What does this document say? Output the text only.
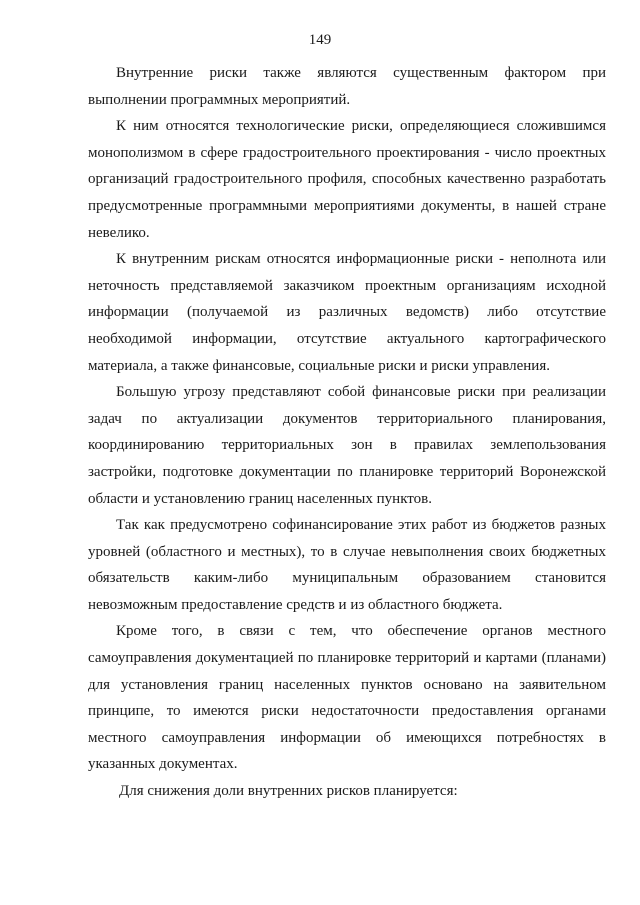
149

Внутренние риски также являются существенным фактором при выполнении программных мероприятий.

К ним относятся технологические риски, определяющиеся сложившимся монополизмом в сфере градостроительного проектирования - число проектных организаций градостроительного профиля, способных качественно разработать предусмотренные программными мероприятиями документы, в нашей стране невелико.

К внутренним рискам относятся информационные риски - неполнота или неточность представляемой заказчиком проектным организациям исходной информации (получаемой из различных ведомств) либо отсутствие необходимой информации, отсутствие актуального картографического материала, а также финансовые, социальные риски и риски управления.

Большую угрозу представляют собой финансовые риски при реализации задач по актуализации документов территориального планирования, координированию территориальных зон в правилах землепользования застройки, подготовке документации по планировке территорий Воронежской области и установлению границ населенных пунктов.

Так как предусмотрено софинансирование этих работ из бюджетов разных уровней (областного и местных), то в случае невыполнения своих бюджетных обязательств каким-либо муниципальным образованием становится невозможным предоставление средств и из областного бюджета.

Кроме того, в связи с тем, что обеспечение органов местного самоуправления документацией по планировке территорий и картами (планами) для установления границ населенных пунктов основано на заявительном принципе, то имеются риски недостаточности предоставления органами местного самоуправления информации об имеющихся потребностях в указанных документах.

Для снижения доли внутренних рисков планируется:
